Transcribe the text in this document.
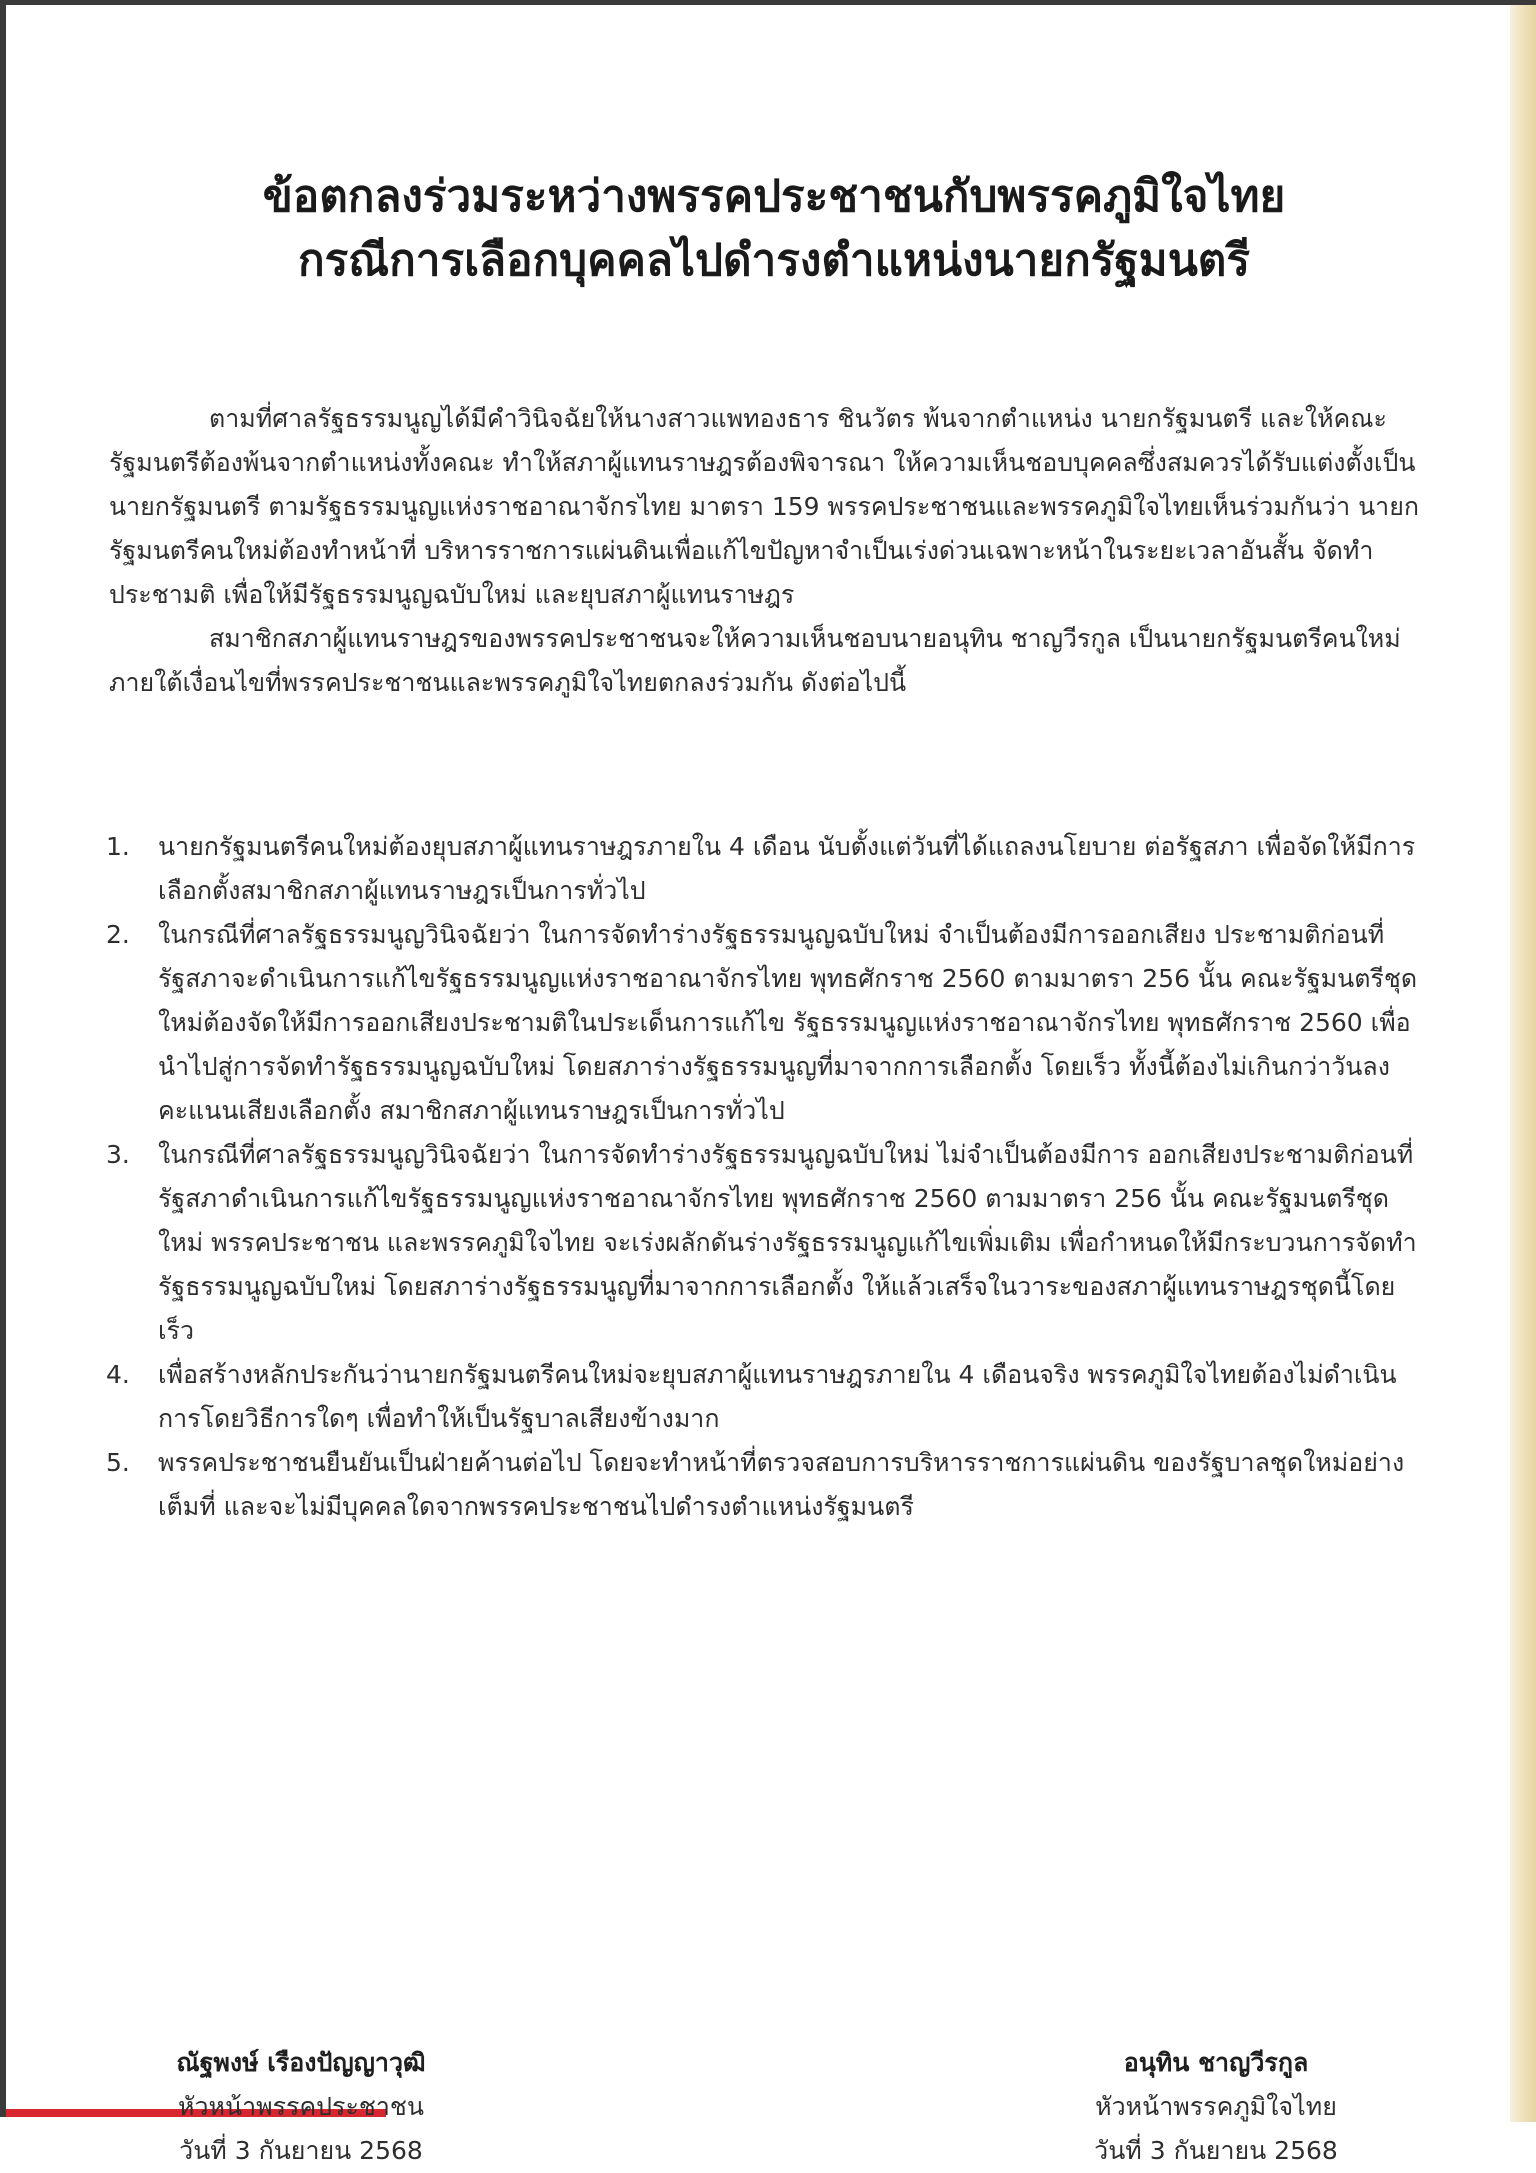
ข้อตกลงร่วมระหว่างพรรคประชาชนกับพรรคภูมิใจไทย
กรณีการเลือกบุคคลไปดำรงตำแหน่งนายกรัฐมนตรี

ตามที่ศาลรัฐธรรมนูญได้มีคำวินิจฉัยให้นางสาวแพทองธาร ชินวัตร พ้นจากตำแหน่ง นายกรัฐมนตรี และให้คณะรัฐมนตรีต้องพ้นจากตำแหน่งทั้งคณะ ทำให้สภาผู้แทนราษฎรต้องพิจารณา ให้ความเห็นชอบบุคคลซึ่งสมควรได้รับแต่งตั้งเป็นนายกรัฐมนตรี ตามรัฐธรรมนูญแห่งราชอาณาจักรไทย มาตรา 159 พรรคประชาชนและพรรคภูมิใจไทยเห็นร่วมกันว่า นายกรัฐมนตรีคนใหม่ต้องทำหน้าที่ บริหารราชการแผ่นดินเพื่อแก้ไขปัญหาจำเป็นเร่งด่วนเฉพาะหน้าในระยะเวลาอันสั้น จัดทำประชามติ เพื่อให้มีรัฐธรรมนูญฉบับใหม่ และยุบสภาผู้แทนราษฎร

สมาชิกสภาผู้แทนราษฎรของพรรคประชาชนจะให้ความเห็นชอบนายอนุทิน ชาญวีรกูล เป็นนายกรัฐมนตรีคนใหม่ ภายใต้เงื่อนไขที่พรรคประชาชนและพรรคภูมิใจไทยตกลงร่วมกัน ดังต่อไปนี้

1. นายกรัฐมนตรีคนใหม่ต้องยุบสภาผู้แทนราษฎรภายใน 4 เดือน นับตั้งแต่วันที่ได้แถลงนโยบาย ต่อรัฐสภา เพื่อจัดให้มีการเลือกตั้งสมาชิกสภาผู้แทนราษฎรเป็นการทั่วไป
2. ในกรณีที่ศาลรัฐธรรมนูญวินิจฉัยว่า ในการจัดทำร่างรัฐธรรมนูญฉบับใหม่ จำเป็นต้องมีการออกเสียง ประชามติก่อนที่รัฐสภาจะดำเนินการแก้ไขรัฐธรรมนูญแห่งราชอาณาจักรไทย พุทธศักราช 2560 ตามมาตรา 256 นั้น คณะรัฐมนตรีชุดใหม่ต้องจัดให้มีการออกเสียงประชามติในประเด็นการแก้ไข รัฐธรรมนูญแห่งราชอาณาจักรไทย พุทธศักราช 2560 เพื่อนำไปสู่การจัดทำรัฐธรรมนูญฉบับใหม่ โดยสภาร่างรัฐธรรมนูญที่มาจากการเลือกตั้ง โดยเร็ว ทั้งนี้ต้องไม่เกินกว่าวันลงคะแนนเสียงเลือกตั้ง สมาชิกสภาผู้แทนราษฎรเป็นการทั่วไป
3. ในกรณีที่ศาลรัฐธรรมนูญวินิจฉัยว่า ในการจัดทำร่างรัฐธรรมนูญฉบับใหม่ ไม่จำเป็นต้องมีการ ออกเสียงประชามติก่อนที่รัฐสภาดำเนินการแก้ไขรัฐธรรมนูญแห่งราชอาณาจักรไทย พุทธศักราช 2560 ตามมาตรา 256 นั้น คณะรัฐมนตรีชุดใหม่ พรรคประชาชน และพรรคภูมิใจไทย จะเร่งผลักดันร่างรัฐธรรมนูญแก้ไขเพิ่มเติม เพื่อกำหนดให้มีกระบวนการจัดทำรัฐธรรมนูญฉบับใหม่ โดยสภาร่างรัฐธรรมนูญที่มาจากการเลือกตั้ง ให้แล้วเสร็จในวาระของสภาผู้แทนราษฎรชุดนี้โดยเร็ว
4. เพื่อสร้างหลักประกันว่านายกรัฐมนตรีคนใหม่จะยุบสภาผู้แทนราษฎรภายใน 4 เดือนจริง พรรคภูมิใจไทยต้องไม่ดำเนินการโดยวิธีการใดๆ เพื่อทำให้เป็นรัฐบาลเสียงข้างมาก
5. พรรคประชาชนยืนยันเป็นฝ่ายค้านต่อไป โดยจะทำหน้าที่ตรวจสอบการบริหารราชการแผ่นดิน ของรัฐบาลชุดใหม่อย่างเต็มที่ และจะไม่มีบุคคลใดจากพรรคประชาชนไปดำรงตำแหน่งรัฐมนตรี
ณัฐพงษ์ เรืองปัญญาวุฒิ
หัวหน้าพรรคประชาชน
วันที่ 3 กันยายน 2568
อนุทิน ชาญวีรกูล
หัวหน้าพรรคภูมิใจไทย
วันที่ 3 กันยายน 2568
